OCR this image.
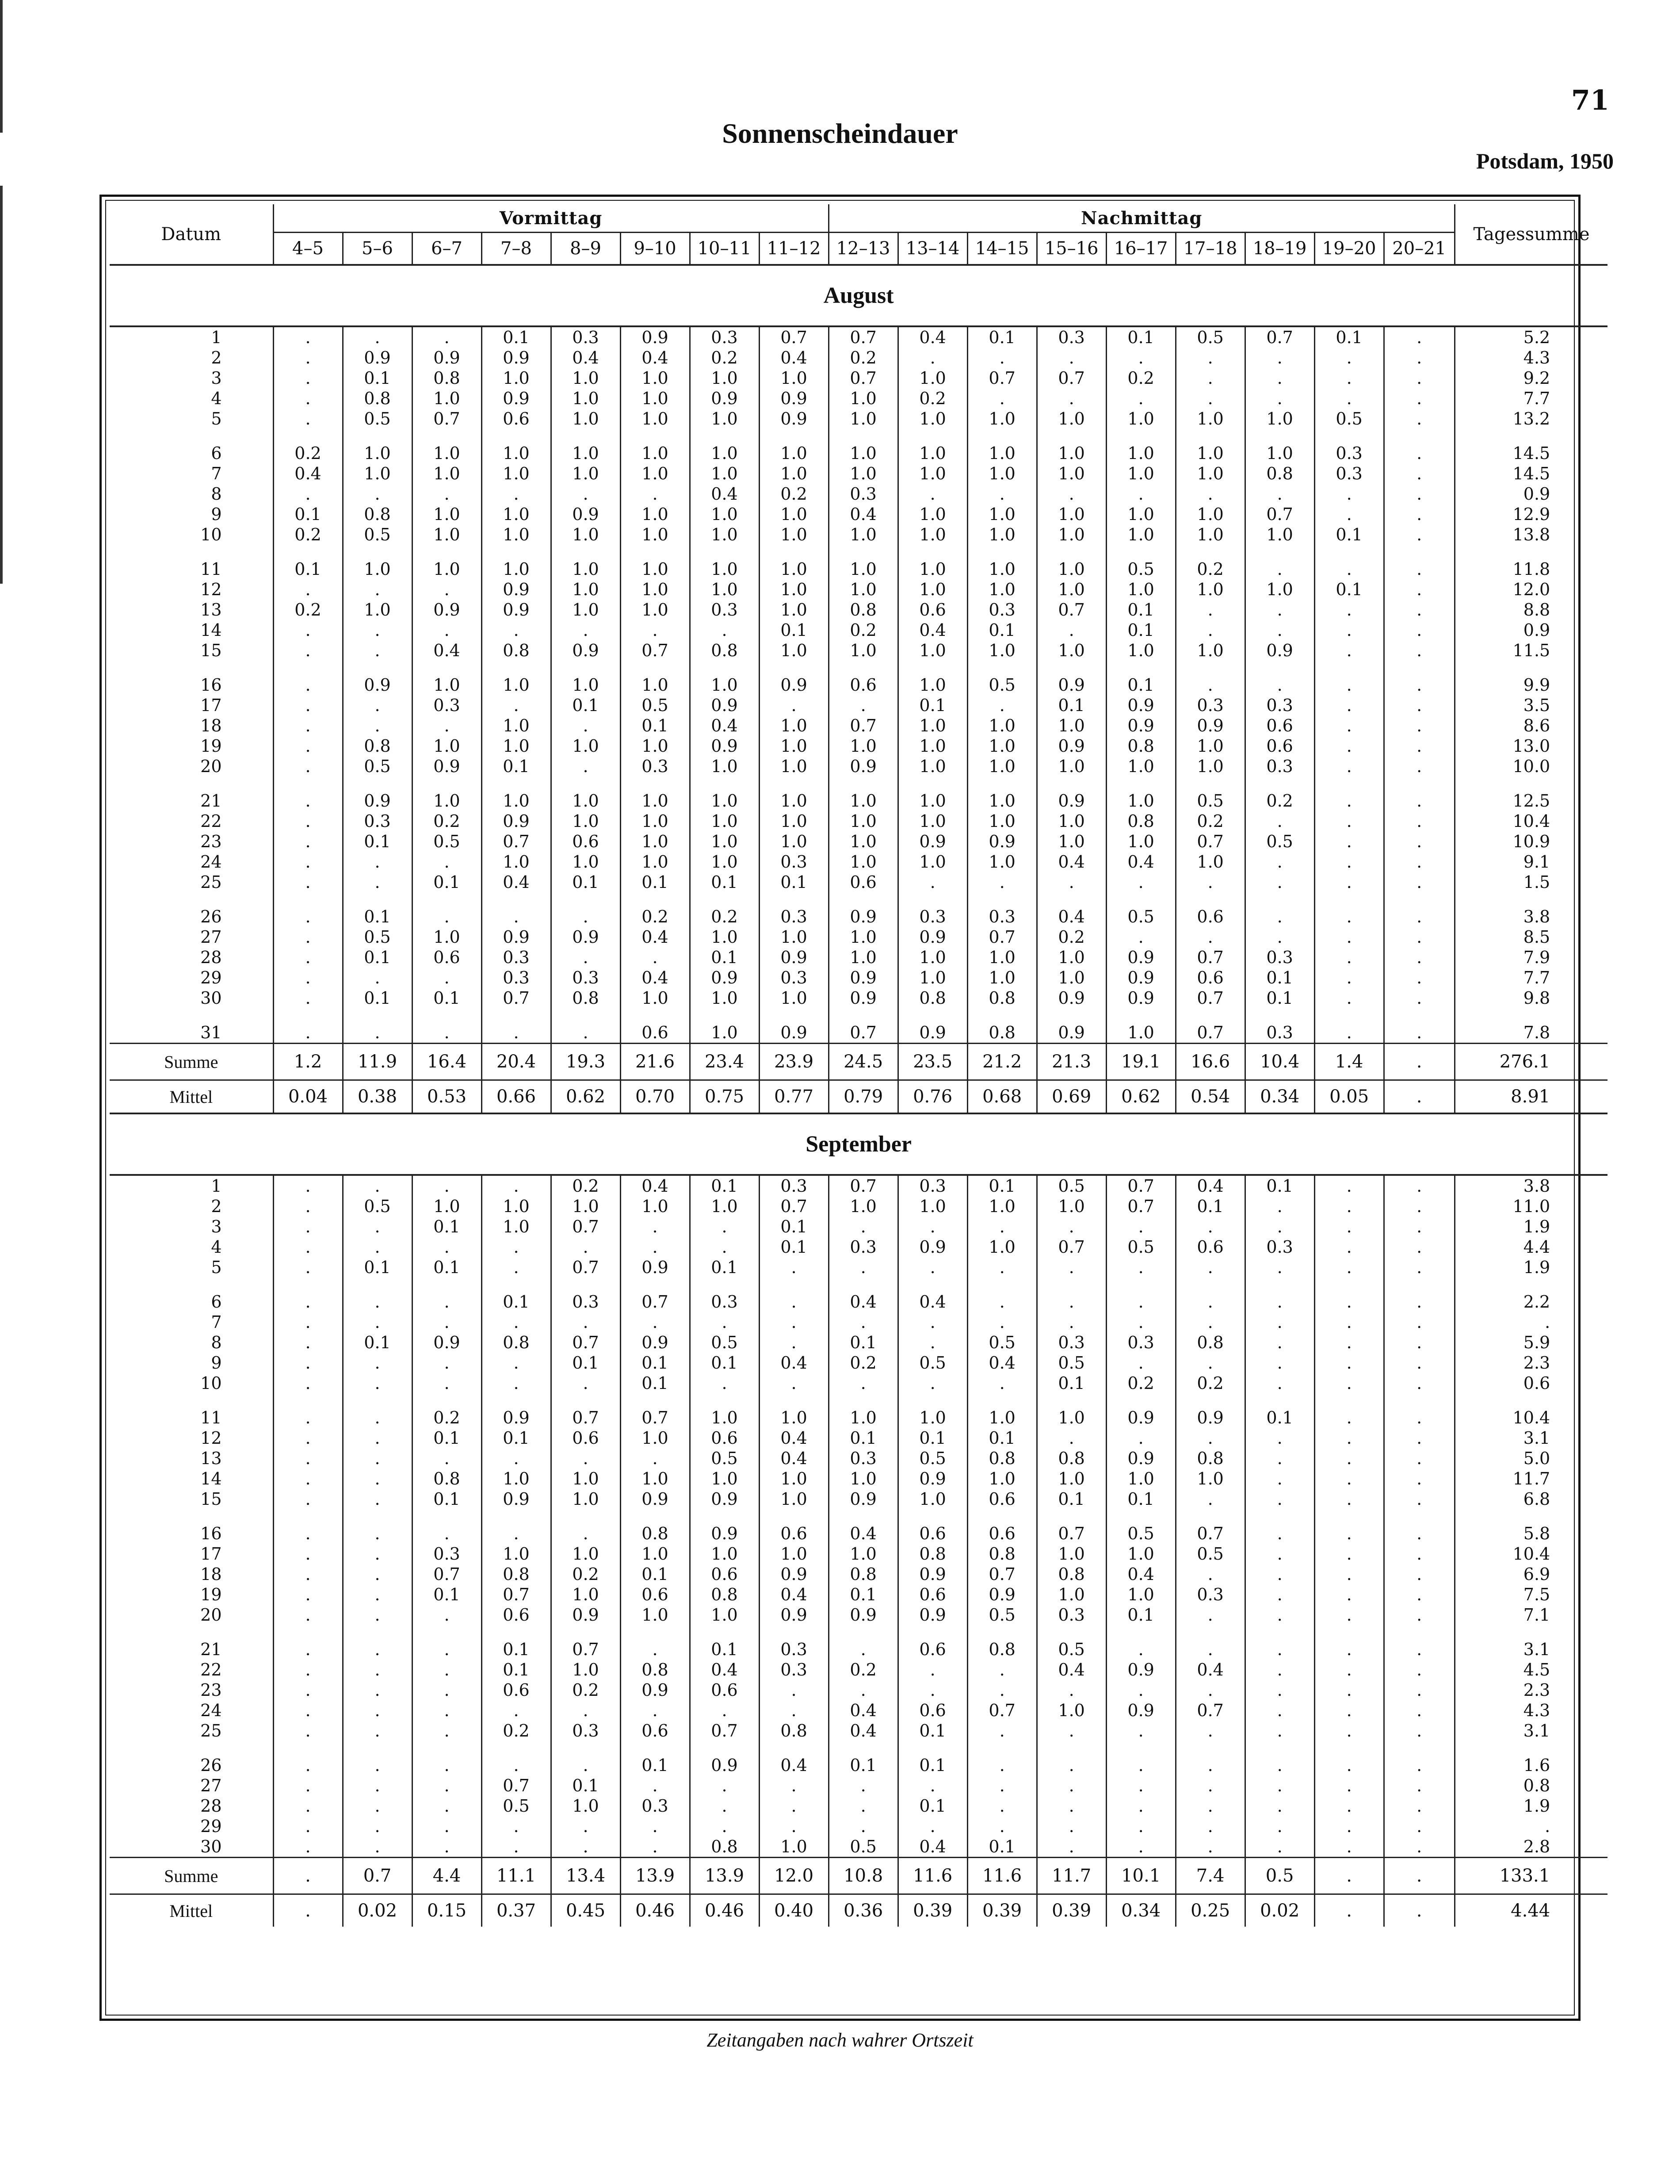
71
Sonnenscheindauer
Potsdam, 1950
Datum	Vormittag								Nachmittag									Tagessumme
	4–5	5–6	6–7	7–8	8–9	9–10	10–11	11–12	12–13	13–14	14–15	15–16	16–17	17–18	18–19	19–20	20–21	
August																		
1	.	.	.	0.1	0.3	0.9	0.3	0.7	0.7	0.4	0.1	0.3	0.1	0.5	0.7	0.1	.	5.2
2	.	0.9	0.9	0.9	0.4	0.4	0.2	0.4	0.2	.	.	.	.	.	.	.	.	4.3
3	.	0.1	0.8	1.0	1.0	1.0	1.0	1.0	0.7	1.0	0.7	0.7	0.2	.	.	.	.	9.2
4	.	0.8	1.0	0.9	1.0	1.0	0.9	0.9	1.0	0.2	.	.	.	.	.	.	.	7.7
5	.	0.5	0.7	0.6	1.0	1.0	1.0	0.9	1.0	1.0	1.0	1.0	1.0	1.0	1.0	0.5	.	13.2
6	0.2	1.0	1.0	1.0	1.0	1.0	1.0	1.0	1.0	1.0	1.0	1.0	1.0	1.0	1.0	0.3	.	14.5
7	0.4	1.0	1.0	1.0	1.0	1.0	1.0	1.0	1.0	1.0	1.0	1.0	1.0	1.0	0.8	0.3	.	14.5
8	.	.	.	.	.	.	0.4	0.2	0.3	.	.	.	.	.	.	.	.	0.9
9	0.1	0.8	1.0	1.0	0.9	1.0	1.0	1.0	0.4	1.0	1.0	1.0	1.0	1.0	0.7	.	.	12.9
10	0.2	0.5	1.0	1.0	1.0	1.0	1.0	1.0	1.0	1.0	1.0	1.0	1.0	1.0	1.0	0.1	.	13.8
11	0.1	1.0	1.0	1.0	1.0	1.0	1.0	1.0	1.0	1.0	1.0	1.0	0.5	0.2	.	.	.	11.8
12	.	.	.	0.9	1.0	1.0	1.0	1.0	1.0	1.0	1.0	1.0	1.0	1.0	1.0	0.1	.	12.0
13	0.2	1.0	0.9	0.9	1.0	1.0	0.3	1.0	0.8	0.6	0.3	0.7	0.1	.	.	.	.	8.8
14	.	.	.	.	.	.	.	0.1	0.2	0.4	0.1	.	0.1	.	.	.	.	0.9
15	.	.	0.4	0.8	0.9	0.7	0.8	1.0	1.0	1.0	1.0	1.0	1.0	1.0	0.9	.	.	11.5
16	.	0.9	1.0	1.0	1.0	1.0	1.0	0.9	0.6	1.0	0.5	0.9	0.1	.	.	.	.	9.9
17	.	.	0.3	.	0.1	0.5	0.9	.	.	0.1	.	0.1	0.9	0.3	0.3	.	.	3.5
18	.	.	.	1.0	.	0.1	0.4	1.0	0.7	1.0	1.0	1.0	0.9	0.9	0.6	.	.	8.6
19	.	0.8	1.0	1.0	1.0	1.0	0.9	1.0	1.0	1.0	1.0	0.9	0.8	1.0	0.6	.	.	13.0
20	.	0.5	0.9	0.1	.	0.3	1.0	1.0	0.9	1.0	1.0	1.0	1.0	1.0	0.3	.	.	10.0
21	.	0.9	1.0	1.0	1.0	1.0	1.0	1.0	1.0	1.0	1.0	0.9	1.0	0.5	0.2	.	.	12.5
22	.	0.3	0.2	0.9	1.0	1.0	1.0	1.0	1.0	1.0	1.0	1.0	0.8	0.2	.	.	.	10.4
23	.	0.1	0.5	0.7	0.6	1.0	1.0	1.0	1.0	0.9	0.9	1.0	1.0	0.7	0.5	.	.	10.9
24	.	.	.	1.0	1.0	1.0	1.0	0.3	1.0	1.0	1.0	0.4	0.4	1.0	.	.	.	9.1
25	.	.	0.1	0.4	0.1	0.1	0.1	0.1	0.6	.	.	.	.	.	.	.	.	1.5
26	.	0.1	.	.	.	0.2	0.2	0.3	0.9	0.3	0.3	0.4	0.5	0.6	.	.	.	3.8
27	.	0.5	1.0	0.9	0.9	0.4	1.0	1.0	1.0	0.9	0.7	0.2	.	.	.	.	.	8.5
28	.	0.1	0.6	0.3	.	.	0.1	0.9	1.0	1.0	1.0	1.0	0.9	0.7	0.3	.	.	7.9
29	.	.	.	0.3	0.3	0.4	0.9	0.3	0.9	1.0	1.0	1.0	0.9	0.6	0.1	.	.	7.7
30	.	0.1	0.1	0.7	0.8	1.0	1.0	1.0	0.9	0.8	0.8	0.9	0.9	0.7	0.1	.	.	9.8
31	.	.	.	.	.	0.6	1.0	0.9	0.7	0.9	0.8	0.9	1.0	0.7	0.3	.	.	7.8
Summe	1.2	11.9	16.4	20.4	19.3	21.6	23.4	23.9	24.5	23.5	21.2	21.3	19.1	16.6	10.4	1.4	.	276.1
Mittel	0.04	0.38	0.53	0.66	0.62	0.70	0.75	0.77	0.79	0.76	0.68	0.69	0.62	0.54	0.34	0.05	.	8.91
September																		
1	.	.	.	.	0.2	0.4	0.1	0.3	0.7	0.3	0.1	0.5	0.7	0.4	0.1	.	.	3.8
2	.	0.5	1.0	1.0	1.0	1.0	1.0	0.7	1.0	1.0	1.0	1.0	0.7	0.1	.	.	.	11.0
3	.	.	0.1	1.0	0.7	.	.	0.1	.	.	.	.	.	.	.	.	.	1.9
4	.	.	.	.	.	.	.	0.1	0.3	0.9	1.0	0.7	0.5	0.6	0.3	.	.	4.4
5	.	0.1	0.1	.	0.7	0.9	0.1	.	.	.	.	.	.	.	.	.	.	1.9
6	.	.	.	0.1	0.3	0.7	0.3	.	0.4	0.4	.	.	.	.	.	.	.	2.2
7	.	.	.	.	.	.	.	.	.	.	.	.	.	.	.	.	.	.
8	.	0.1	0.9	0.8	0.7	0.9	0.5	.	0.1	.	0.5	0.3	0.3	0.8	.	.	.	5.9
9	.	.	.	.	0.1	0.1	0.1	0.4	0.2	0.5	0.4	0.5	.	.	.	.	.	2.3
10	.	.	.	.	.	0.1	.	.	.	.	.	0.1	0.2	0.2	.	.	.	0.6
11	.	.	0.2	0.9	0.7	0.7	1.0	1.0	1.0	1.0	1.0	1.0	0.9	0.9	0.1	.	.	10.4
12	.	.	0.1	0.1	0.6	1.0	0.6	0.4	0.1	0.1	0.1	.	.	.	.	.	.	3.1
13	.	.	.	.	.	.	0.5	0.4	0.3	0.5	0.8	0.8	0.9	0.8	.	.	.	5.0
14	.	.	0.8	1.0	1.0	1.0	1.0	1.0	1.0	0.9	1.0	1.0	1.0	1.0	.	.	.	11.7
15	.	.	0.1	0.9	1.0	0.9	0.9	1.0	0.9	1.0	0.6	0.1	0.1	.	.	.	.	6.8
16	.	.	.	.	.	0.8	0.9	0.6	0.4	0.6	0.6	0.7	0.5	0.7	.	.	.	5.8
17	.	.	0.3	1.0	1.0	1.0	1.0	1.0	1.0	0.8	0.8	1.0	1.0	0.5	.	.	.	10.4
18	.	.	0.7	0.8	0.2	0.1	0.6	0.9	0.8	0.9	0.7	0.8	0.4	.	.	.	.	6.9
19	.	.	0.1	0.7	1.0	0.6	0.8	0.4	0.1	0.6	0.9	1.0	1.0	0.3	.	.	.	7.5
20	.	.	.	0.6	0.9	1.0	1.0	0.9	0.9	0.9	0.5	0.3	0.1	.	.	.	.	7.1
21	.	.	.	0.1	0.7	.	0.1	0.3	.	0.6	0.8	0.5	.	.	.	.	.	3.1
22	.	.	.	0.1	1.0	0.8	0.4	0.3	0.2	.	.	0.4	0.9	0.4	.	.	.	4.5
23	.	.	.	0.6	0.2	0.9	0.6	.	.	.	.	.	.	.	.	.	.	2.3
24	.	.	.	.	.	.	.	.	0.4	0.6	0.7	1.0	0.9	0.7	.	.	.	4.3
25	.	.	.	0.2	0.3	0.6	0.7	0.8	0.4	0.1	.	.	.	.	.	.	.	3.1
26	.	.	.	.	.	0.1	0.9	0.4	0.1	0.1	.	.	.	.	.	.	.	1.6
27	.	.	.	0.7	0.1	.	.	.	.	.	.	.	.	.	.	.	.	0.8
28	.	.	.	0.5	1.0	0.3	.	.	.	0.1	.	.	.	.	.	.	.	1.9
29	.	.	.	.	.	.	.	.	.	.	.	.	.	.	.	.	.	.
30	.	.	.	.	.	.	0.8	1.0	0.5	0.4	0.1	.	.	.	.	.	.	2.8
Summe	.	0.7	4.4	11.1	13.4	13.9	13.9	12.0	10.8	11.6	11.6	11.7	10.1	7.4	0.5	.	.	133.1
Mittel	.	0.02	0.15	0.37	0.45	0.46	0.46	0.40	0.36	0.39	0.39	0.39	0.34	0.25	0.02	.	.	4.44
Zeitangaben nach wahrer Ortszeit
